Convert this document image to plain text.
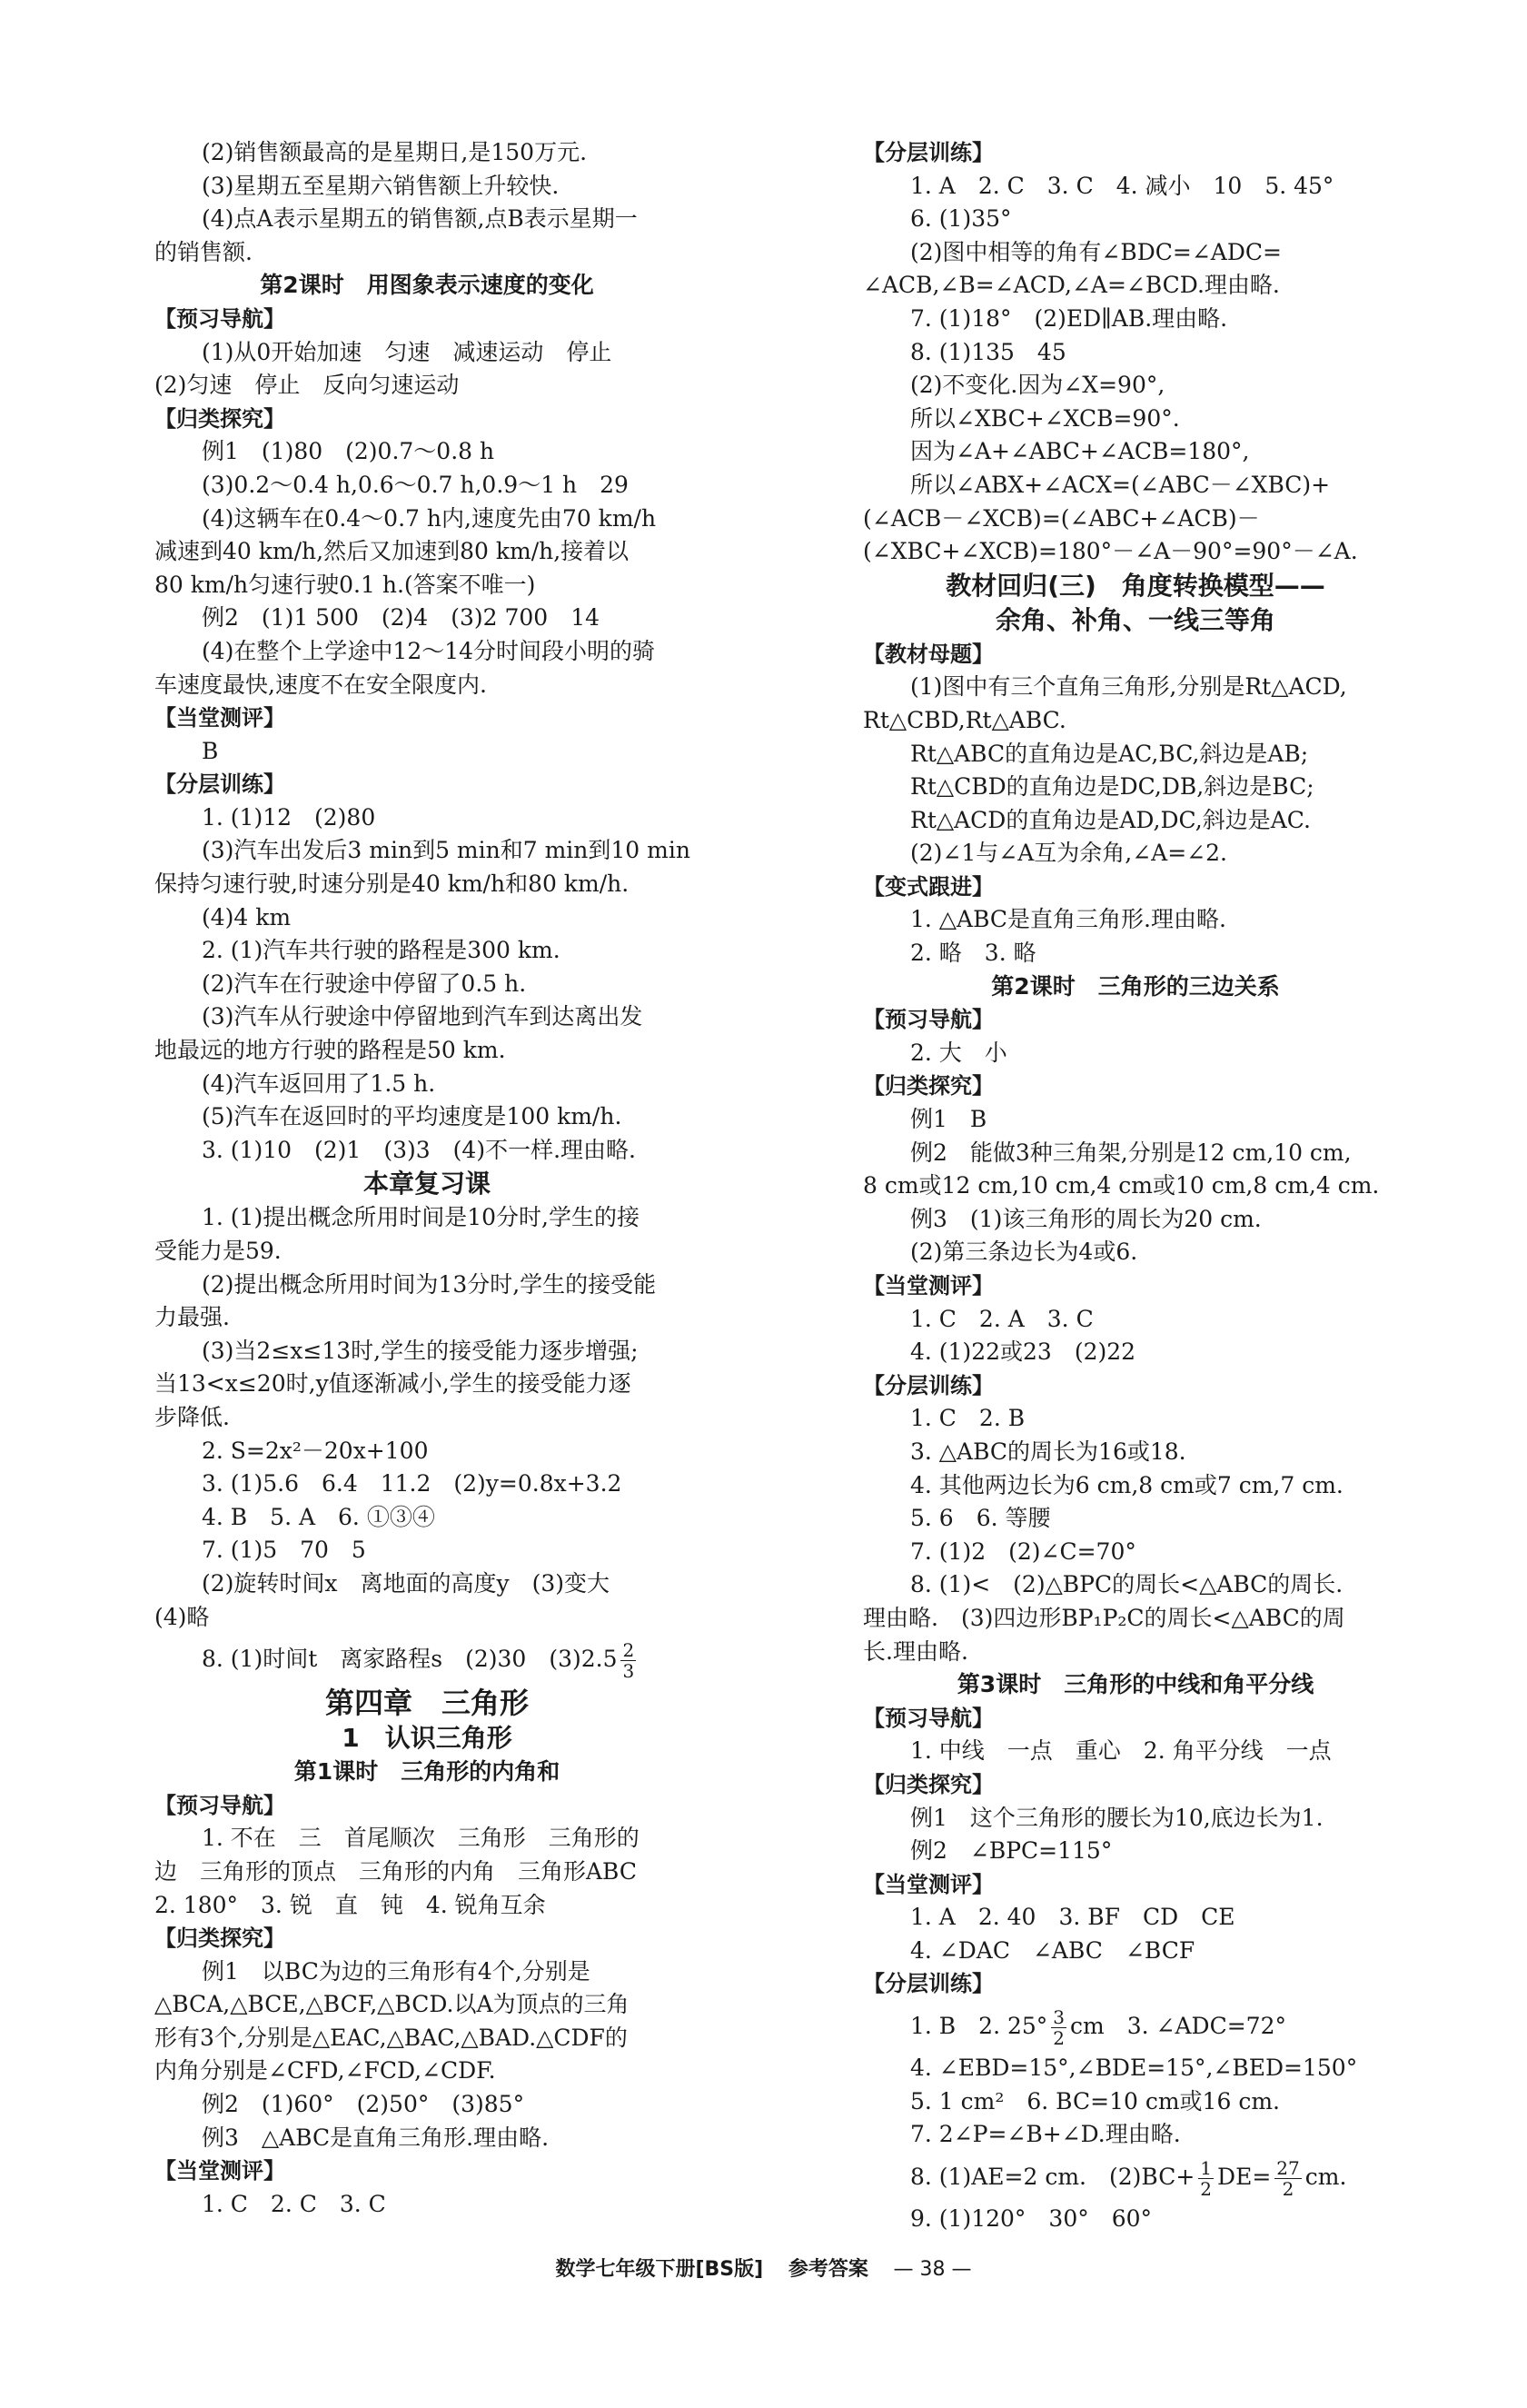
(2)销售额最高的是星期日,是150万元.
(3)星期五至星期六销售额上升较快.
(4)点A表示星期五的销售额,点B表示星期一
的销售额.
第2课时　用图象表示速度的变化
【预习导航】
(1)从0开始加速　匀速　减速运动　停止
(2)匀速　停止　反向匀速运动
【归类探究】
例1　(1)80　(2)0.7～0.8 h
(3)0.2～0.4 h,0.6～0.7 h,0.9～1 h　29
(4)这辆车在0.4～0.7 h内,速度先由70 km/h
减速到40 km/h,然后又加速到80 km/h,接着以
80 km/h匀速行驶0.1 h.(答案不唯一)
例2　(1)1 500　(2)4　(3)2 700　14
(4)在整个上学途中12～14分时间段小明的骑
车速度最快,速度不在安全限度内.
【当堂测评】
B
【分层训练】
1. (1)12　(2)80
(3)汽车出发后3 min到5 min和7 min到10 min
保持匀速行驶,时速分别是40 km/h和80 km/h.
(4)4 km
2. (1)汽车共行驶的路程是300 km.
(2)汽车在行驶途中停留了0.5 h.
(3)汽车从行驶途中停留地到汽车到达离出发
地最远的地方行驶的路程是50 km.
(4)汽车返回用了1.5 h.
(5)汽车在返回时的平均速度是100 km/h.
3. (1)10　(2)1　(3)3　(4)不一样.理由略.
本章复习课
1. (1)提出概念所用时间是10分时,学生的接
受能力是59.
(2)提出概念所用时间为13分时,学生的接受能
力最强.
(3)当2≤x≤13时,学生的接受能力逐步增强;
当13<x≤20时,y值逐渐减小,学生的接受能力逐
步降低.
2. S=2x²－20x+100
3. (1)5.6　6.4　11.2　(2)y=0.8x+3.2
4. B　5. A　6. ①③④
7. (1)5　70　5
(2)旋转时间x　离地面的高度y　(3)变大
(4)略
8. (1)时间t　离家路程s　(2)30　$(3)2.5 \frac{2}{3}$
第四章　三角形
1　认识三角形
第1课时　三角形的内角和
【预习导航】
1. 不在　三　首尾顺次　三角形　三角形的
边　三角形的顶点　三角形的内角　三角形ABC
2. 180°　3. 锐　直　钝　4. 锐角互余
【归类探究】
例1　以BC为边的三角形有4个,分别是
△BCA,△BCE,△BCF,△BCD.以A为顶点的三角
形有3个,分别是△EAC,△BAC,△BAD.△CDF的
内角分别是∠CFD,∠FCD,∠CDF.
例2　(1)60°　(2)50°　(3)85°
例3　△ABC是直角三角形.理由略.
【当堂测评】
1. C　2. C　3. C
【分层训练】
1. A　2. C　3. C　4. 减小　10　5. 45°
6. (1)35°
(2)图中相等的角有∠BDC=∠ADC=
∠ACB,∠B=∠ACD,∠A=∠BCD.理由略.
7. (1)18°　(2)ED∥AB.理由略.
8. (1)135　45
(2)不变化.因为∠X=90°,
所以∠XBC+∠XCB=90°.
因为∠A+∠ABC+∠ACB=180°,
所以∠ABX+∠ACX=(∠ABC－∠XBC)+
(∠ACB－∠XCB)=(∠ABC+∠ACB)－
(∠XBC+∠XCB)=180°－∠A－90°=90°－∠A.
教材回归(三)　角度转换模型——
余角、补角、一线三等角
【教材母题】
(1)图中有三个直角三角形,分别是Rt△ACD,
Rt△CBD,Rt△ABC.
Rt△ABC的直角边是AC,BC,斜边是AB;
Rt△CBD的直角边是DC,DB,斜边是BC;
Rt△ACD的直角边是AD,DC,斜边是AC.
(2)∠1与∠A互为余角,∠A=∠2.
【变式跟进】
1. △ABC是直角三角形.理由略.
2. 略　3. 略
第2课时　三角形的三边关系
【预习导航】
2. 大　小
【归类探究】
例1　B
例2　能做3种三角架,分别是12 cm,10 cm,
8 cm或12 cm,10 cm,4 cm或10 cm,8 cm,4 cm.
例3　(1)该三角形的周长为20 cm.
(2)第三条边长为4或6.
【当堂测评】
1. C　2. A　3. C
4. (1)22或23　(2)22
【分层训练】
1. C　2. B
3. △ABC的周长为16或18.
4. 其他两边长为6 cm,8 cm或7 cm,7 cm.
5. 6　6. 等腰
7. (1)2　(2)∠C=70°
8. (1)<　(2)△BPC的周长<△ABC的周长.
理由略.　(3)四边形BP₁P₂C的周长<△ABC的周
长.理由略.
第3课时　三角形的中线和角平分线
【预习导航】
1. 中线　一点　重心　2. 角平分线　一点
【归类探究】
例1　这个三角形的腰长为10,底边长为1.
例2　∠BPC=115°
【当堂测评】
1. A　2. 40　3. BF　CD　CE
4. ∠DAC　∠ABC　∠BCF
【分层训练】
1. B　2. $25^\circ \frac{3}{2}$ cm　3. ∠ADC=72°
4. ∠EBD=15°,∠BDE=15°,∠BED=150°
5. 1 cm²　6. BC=10 cm或16 cm.
7. 2∠P=∠B+∠D.理由略.
8. (1)AE=2 cm.　$(2)BC+ \frac{1}{2} DE= \frac{27}{2}$ cm.
9. (1)120°　30°　60°
数学七年级下册[BS版] 参考答案 — 38 —
